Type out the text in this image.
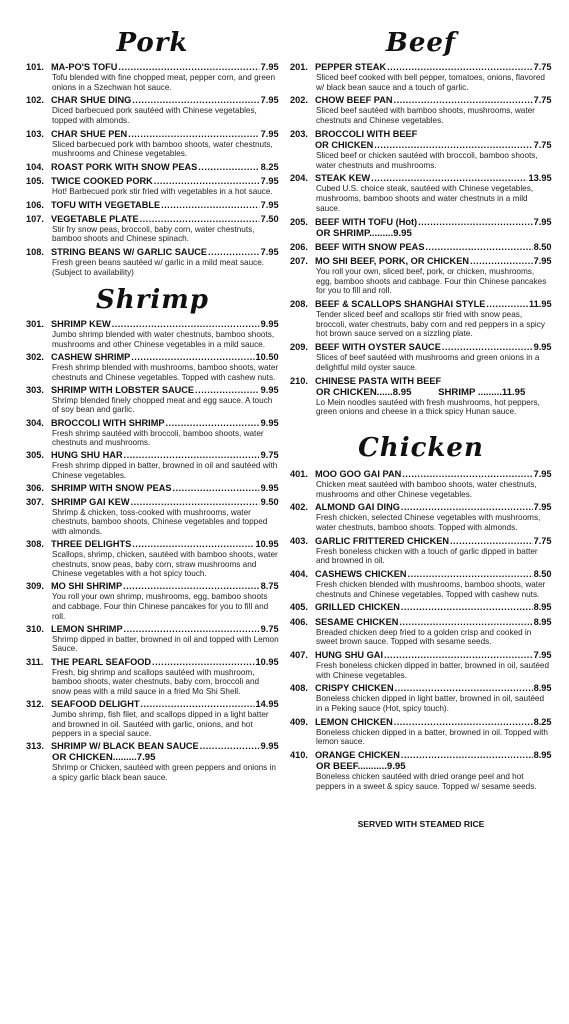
Pork
101. MA-PO'S TOFU .....	7.95
Tofu blended with fine chopped meat, pepper corn, and green onions in a Szechwan hot sauce.
102. CHAR SHUE DING .....	7.95
Diced barbecued pork sautéed with Chinese vegetables, topped with almonds.
103. CHAR SHUE PEN .....	7.95
Sliced barbecued pork with bamboo shoots, water chestnuts, mushrooms and Chinese vegetables.
104. ROAST PORK WITH SNOW PEAS .....	8.25
105. TWICE COOKED PORK .....	7.95
Hot! Barbecued pork stir fried with vegetables in a hot sauce.
106. TOFU WITH VEGETABLE .....	7.95
107. VEGETABLE PLATE .....	7.50
Stir fry snow peas, broccoli, baby corn, water chestnuts, bamboo shoots and Chinese spinach.
108. STRING BEANS W/ GARLIC SAUCE .....	7.95
Fresh green beans sautéed w/ garlic in a mild meat sauce. (Subject to availability)
Shrimp
301. SHRIMP KEW .....	9.95
Jumbo shrimp blended with water chestnuts, bamboo shoots, mushrooms and other Chinese vegetables in a mild sauce.
302. CASHEW SHRIMP .....	10.50
Fresh shrimp blended with mushrooms, bamboo shoots, water chestnuts and Chinese vegetables. Topped with cashew nuts.
303. SHRIMP WITH LOBSTER SAUCE .....	9.95
Shrimp blended finely chopped meat and egg sauce. A touch of soy bean and garlic.
304. BROCCOLI WITH SHRIMP .....	9.95
Fresh shrimp sautéed with broccoli, bamboo shoots, water chestnuts and mushrooms.
305. HUNG SHU HAR .....	9.75
Fresh shrimp dipped in batter, browned in oil and sautéed with Chinese vegetables.
306. SHRIMP WITH SNOW PEAS .....	9.95
307. SHRIMP GAI KEW .....	9.50
Shrimp & chicken, toss-cooked with mushrooms, water chestnuts, bamboo shoots, Chinese vegetables and topped with almonds.
308. THREE DELIGHTS .....	10.95
Scallops, shrimp, chicken, sautéed with bamboo shoots, water chestnuts, snow peas, baby corn, straw mushrooms and Chinese vegetables with a hot spicy touch.
309. MO SHI SHRIMP .....	8.75
You roll your own shrimp, mushrooms, egg, bamboo shoots and cabbage. Four thin Chinese pancakes for you to fill and roll.
310. LEMON SHRIMP .....	9.75
Shrimp dipped in batter, browned in oil and topped with Lemon Sauce.
311. THE PEARL SEAFOOD .....	10.95
Fresh, big shrimp and scallops sautéed with mushroom, bamboo shoots, water chestnuts, baby corn, broccoli and snow peas with a mild sauce in a fried Mo Shi Shell.
312. SEAFOOD DELIGHT .....	14.95
Jumbo shrimp, fish filet, and scallops dipped in a light batter and browned in oil. Sautéed with garlic, onions, and hot peppers in a special sauce.
313. SHRIMP W/ BLACK BEAN SAUCE .....	9.95
OR CHICKEN.........7.95
Shrimp or Chicken, sautéed with green peppers and onions in a spicy garlic black bean sauce.
Beef
201. PEPPER STEAK .....	7.75
Sliced beef cooked with bell pepper, tomatoes, onions, flavored w/ black bean sauce and a touch of garlic.
202. CHOW BEEF PAN .....	7.75
Sliced beef sautéed with bamboo shoots, mushrooms, water chestnuts and Chinese vegetables.
203. BROCCOLI WITH BEEF
OR CHICKEN .....	7.75
Sliced beef or chicken sautéed with broccoli, bamboo shoots, water chestnuts and mushrooms.
204. STEAK KEW .....	13.95
Cubed U.S. choice steak, sautéed with Chinese vegetables, mushrooms, bamboo shoots and water chestnuts in a mild sauce.
205. BEEF WITH TOFU (Hot) .....	7.95
OR SHRIMP.........9.95
206. BEEF WITH SNOW PEAS .....	8.50
207. MO SHI BEEF, PORK, OR CHICKEN .....	7.95
You roll your own, sliced beef, pork, or chicken, mushrooms, egg, bamboo shoots and cabbage. Four thin Chinese pancakes for you to fill and roll.
208. BEEF & SCALLOPS SHANGHAI STYLE .....	11.95
Tender sliced beef and scallops stir fried with snow peas, broccoli, water chestnuts, baby corn and red peppers in a spicy hot brown sauce served on a sizzling plate.
209. BEEF WITH OYSTER SAUCE .....	9.95
Slices of beef sautéed with mushrooms and green onions in a delightful mild oyster sauce.
210. CHINESE PASTA WITH BEEF
OR CHICKEN......8.95          SHRIMP .........11.95
Lo Mein noodles sautéed with fresh mushrooms, hot peppers, green onions and cheese in a thick spicy Hunan sauce.
Chicken
401. MOO GOO GAI PAN .....	7.95
Chicken meat sautéed with bamboo shoots, water chestnuts, mushrooms and other Chinese vegetables.
402. ALMOND GAI DING .....	7.95
Fresh chicken, selected Chinese vegetables with mushrooms, water chestnuts, bamboo shoots. Topped with almonds.
403. GARLIC FRITTERED CHICKEN .....	7.75
Fresh boneless chicken with a touch of garlic dipped in batter and browned in oil.
404. CASHEWS CHICKEN .....	8.50
Fresh chicken blended with mushrooms, bamboo shoots, water chestnuts and Chinese vegetables. Topped with cashew nuts.
405. GRILLED CHICKEN .....	8.95
406. SESAME CHICKEN .....	8.95
Breaded chicken deep fried to a golden crisp and cooked in sweet brown sauce. Topped with sesame seeds.
407. HUNG SHU GAI .....	7.95
Fresh boneless chicken dipped in batter, browned in oil, sautéed with Chinese vegetables.
408. CRISPY CHICKEN .....	8.95
Boneless chicken dipped in light batter, browned in oil, sautéed in a Peking sauce (Hot, spicy touch).
409. LEMON CHICKEN .....	8.25
Boneless chicken dipped in a batter, browned in oil. Topped with lemon sauce.
410. ORANGE CHICKEN .....	8.95
OR BEEF...........9.95
Boneless chicken sautéed with dried orange peel and hot peppers in a sweet & spicy sauce. Topped w/ sesame seeds.
SERVED WITH STEAMED RICE
